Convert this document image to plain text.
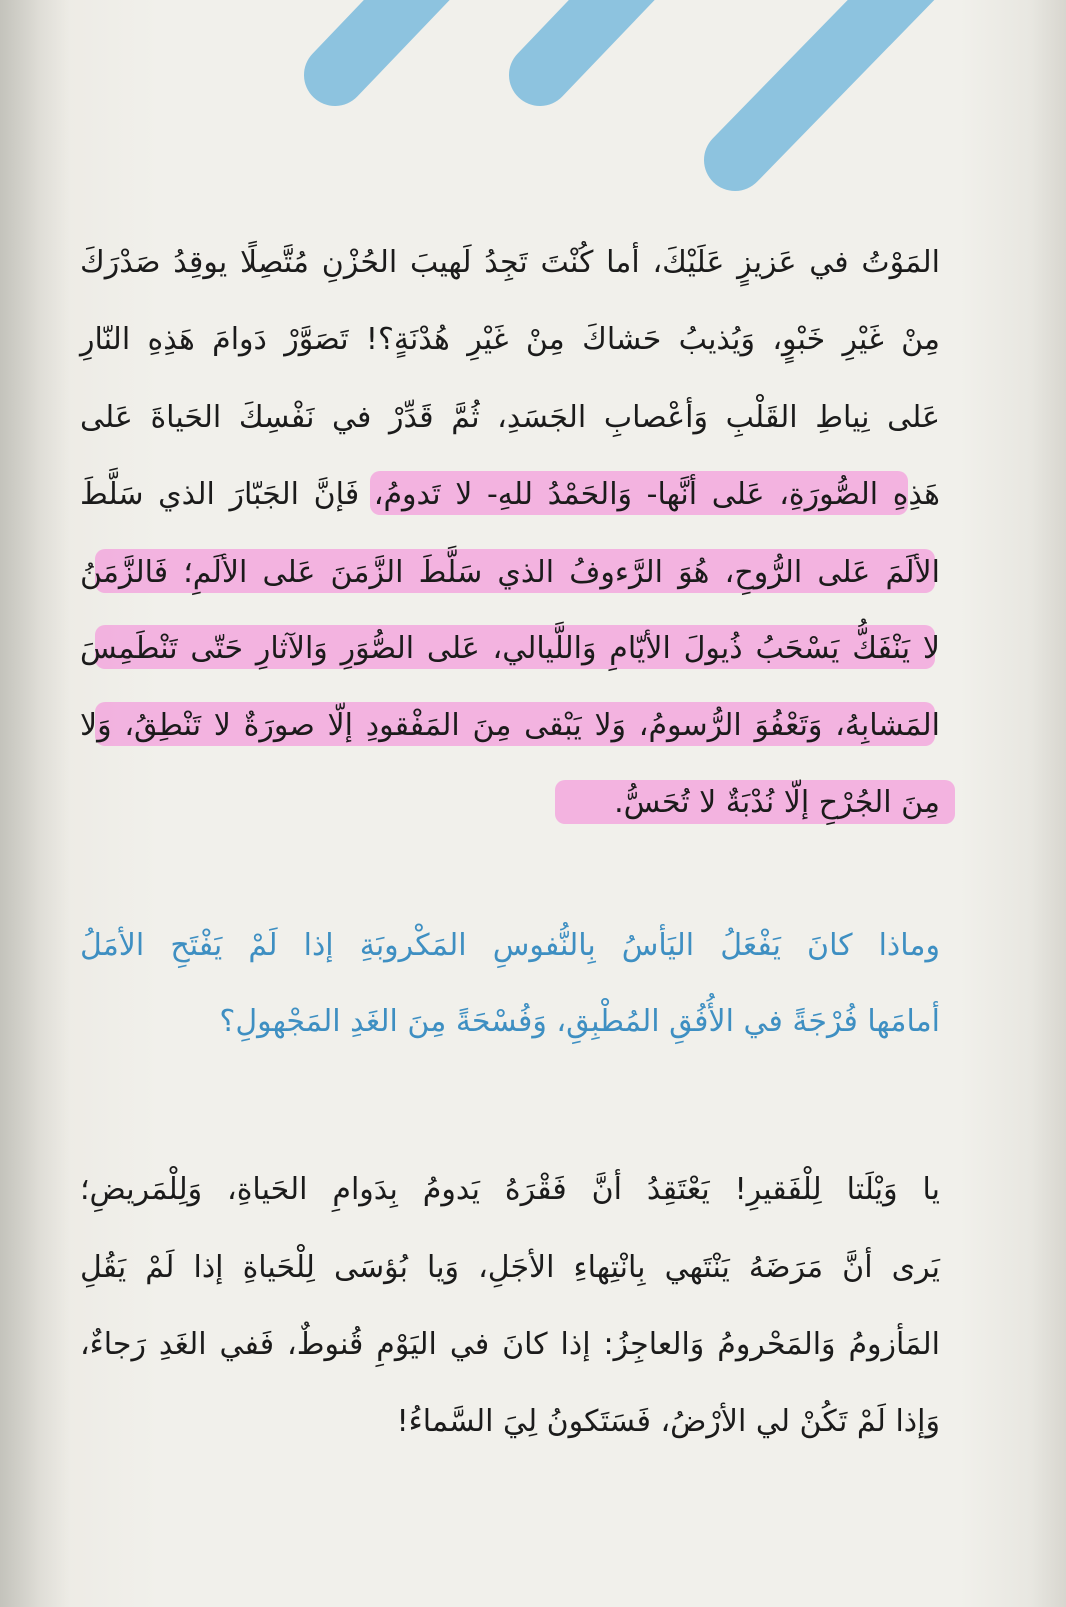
المَوْتُ في عَزيزٍ عَلَيْكَ، أما كُنْتَ تَجِدُ لَهيبَ الحُزْنِ مُتَّصِلًا يوقِدُ صَدْرَكَ
مِنْ غَيْرِ خَبْوٍ، وَيُذيبُ حَشاكَ مِنْ غَيْرِ هُدْنَةٍ؟! تَصَوَّرْ دَوامَ هَذِهِ النّارِ
عَلى نِياطِ القَلْبِ وَأعْصابِ الجَسَدِ، ثُمَّ قَدِّرْ في نَفْسِكَ الحَياةَ عَلى
هَذِهِ الصُّورَةِ، عَلى أنَّها- وَالحَمْدُ للهِ- لا تَدومُ، فَإنَّ الجَبّارَ الذي سَلَّطَ
الألَمَ عَلى الرُّوحِ، هُوَ الرَّءوفُ الذي سَلَّطَ الزَّمَنَ عَلى الألَمِ؛ فَالزَّمَنُ
لا يَنْفَكُّ يَسْحَبُ ذُيولَ الأيّامِ وَاللَّيالي، عَلى الصُّوَرِ وَالآثارِ حَتّى تَنْطَمِسَ
المَشابِهُ، وَتَعْفُوَ الرُّسومُ، وَلا يَبْقى مِنَ المَفْقودِ إلّا صورَةٌ لا تَنْطِقُ، وَلا
مِنَ الجُرْحِ إلّا نُدْبَةٌ لا تُحَسُّ.
وماذا كانَ يَفْعَلُ اليَأسُ بِالنُّفوسِ المَكْروبَةِ إذا لَمْ يَفْتَحِ الأمَلُ
أمامَها فُرْجَةً في الأُفُقِ المُطْبِقِ، وَفُسْحَةً مِنَ الغَدِ المَجْهولِ؟
يا وَيْلَتا لِلْفَقيرِ! يَعْتَقِدُ أنَّ فَقْرَهُ يَدومُ بِدَوامِ الحَياةِ، وَلِلْمَريضِ؛
يَرى أنَّ مَرَضَهُ يَنْتَهي بِانْتِهاءِ الأجَلِ، وَيا بُؤسَى لِلْحَياةِ إذا لَمْ يَقُلِ
المَأزومُ وَالمَحْرومُ وَالعاجِزُ: إذا كانَ في اليَوْمِ قُنوطٌ، فَفي الغَدِ رَجاءٌ،
وَإذا لَمْ تَكُنْ لي الأرْضُ، فَسَتَكونُ لِيَ السَّماءُ!
